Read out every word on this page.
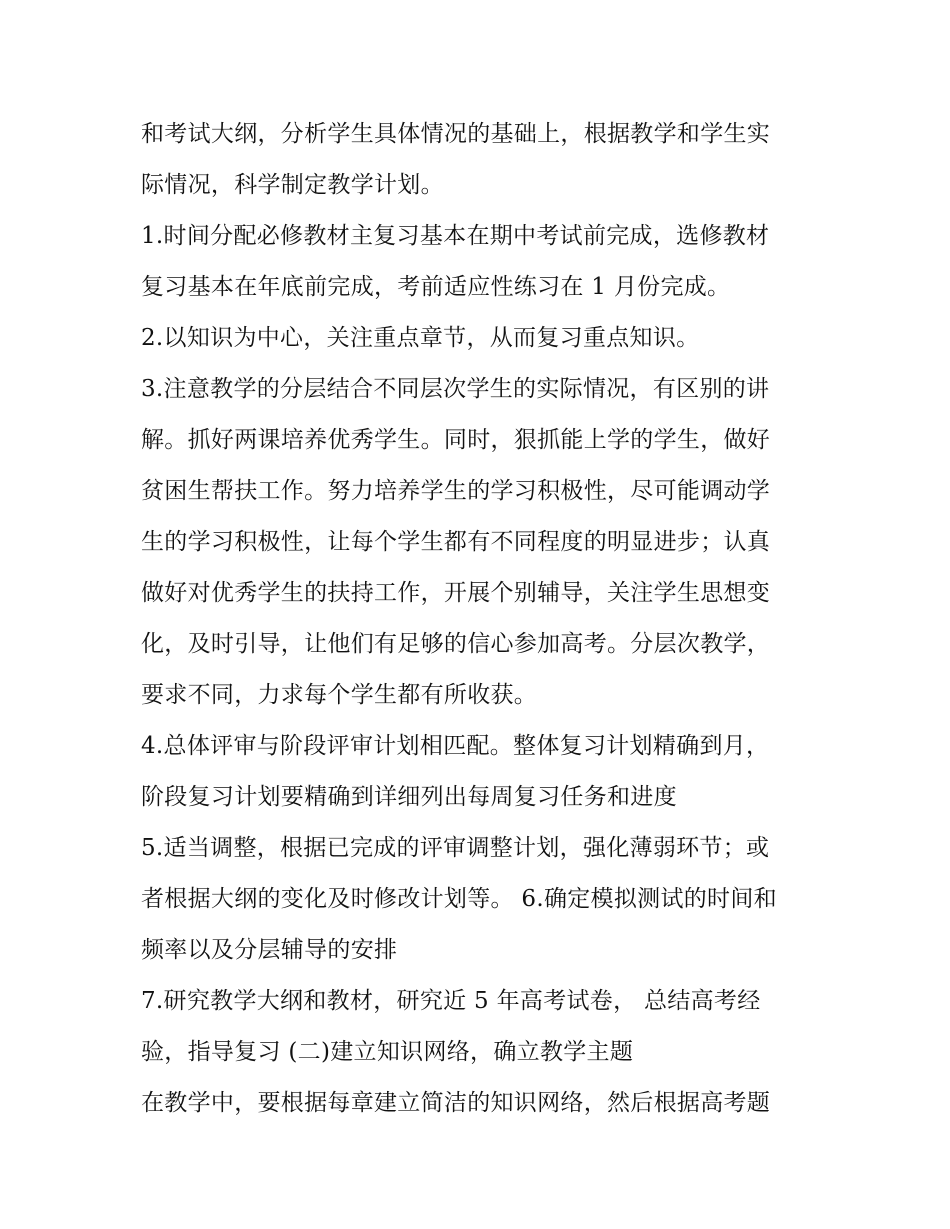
和考试大纲，分析学生具体情况的基础上，根据教学和学生实
际情况，科学制定教学计划。
1.时间分配必修教材主复习基本在期中考试前完成，选修教材
复习基本在年底前完成，考前适应性练习在 1 月份完成。
2.以知识为中心，关注重点章节，从而复习重点知识。
3.注意教学的分层结合不同层次学生的实际情况，有区别的讲
解。抓好两课培养优秀学生。同时，狠抓能上学的学生，做好
贫困生帮扶工作。努力培养学生的学习积极性，尽可能调动学
生的学习积极性，让每个学生都有不同程度的明显进步；认真
做好对优秀学生的扶持工作，开展个别辅导，关注学生思想变
化，及时引导，让他们有足够的信心参加高考。分层次教学，
要求不同，力求每个学生都有所收获。
4.总体评审与阶段评审计划相匹配。整体复习计划精确到月，
阶段复习计划要精确到详细列出每周复习任务和进度
5.适当调整，根据已完成的评审调整计划，强化薄弱环节；或
者根据大纲的变化及时修改计划等。 6.确定模拟测试的时间和
频率以及分层辅导的安排
7.研究教学大纲和教材，研究近 5 年高考试卷， 总结高考经
验，指导复习 (二)建立知识网络，确立教学主题
在教学中，要根据每章建立简洁的知识网络，然后根据高考题
